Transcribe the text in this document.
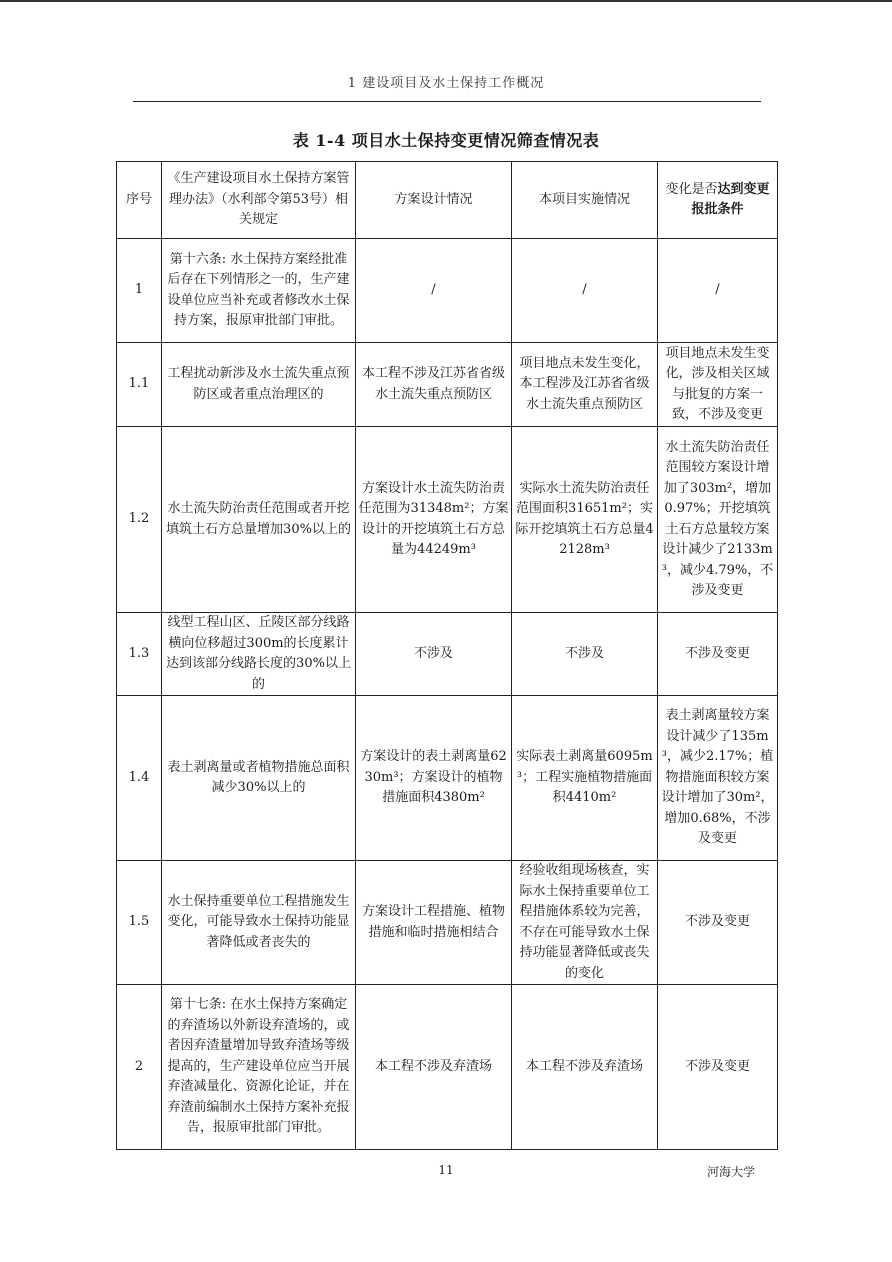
1 建设项目及水土保持工作概况
表 1-4 项目水土保持变更情况筛查情况表
序号	《生产建设项目水土保持方案管理办法》（水利部令第53号）相关规定	方案设计情况	本项目实施情况	变化是否达到变更报批条件
1	第十六条: 水土保持方案经批准后存在下列情形之一的，生产建设单位应当补充或者修改水土保持方案，报原审批部门审批。	/	/	/
1.1	工程扰动新涉及水土流失重点预防区或者重点治理区的	本工程不涉及江苏省省级水土流失重点预防区	项目地点未发生变化，本工程涉及江苏省省级水土流失重点预防区	项目地点未发生变化，涉及相关区域与批复的方案一致，不涉及变更
1.2	水土流失防治责任范围或者开挖填筑土石方总量增加30%以上的	方案设计水土流失防治责任范围为31348m²；方案设计的开挖填筑土石方总量为44249m³	实际水土流失防治责任范围面积31651m²；实际开挖填筑土石方总量42128m³	水土流失防治责任范围较方案设计增加了303m²，增加0.97%；开挖填筑土石方总量较方案设计减少了2133m³，减少4.79%，不涉及变更
1.3	线型工程山区、丘陵区部分线路横向位移超过300m的长度累计达到该部分线路长度的30%以上的	不涉及	不涉及	不涉及变更
1.4	表土剥离量或者植物措施总面积减少30%以上的	方案设计的表土剥离量6230m³；方案设计的植物措施面积4380m²	实际表土剥离量6095m³；工程实施植物措施面积4410m²	表土剥离量较方案设计减少了135m³，减少2.17%；植物措施面积较方案设计增加了30m²，增加0.68%，不涉及变更
1.5	水土保持重要单位工程措施发生变化，可能导致水土保持功能显著降低或者丧失的	方案设计工程措施、植物措施和临时措施相结合	经验收组现场核查，实际水土保持重要单位工程措施体系较为完善，不存在可能导致水土保持功能显著降低或丧失的变化	不涉及变更
2	第十七条: 在水土保持方案确定的弃渣场以外新设弃渣场的，或者因弃渣量增加导致弃渣场等级提高的，生产建设单位应当开展弃渣减量化、资源化论证，并在弃渣前编制水土保持方案补充报告，报原审批部门审批。	本工程不涉及弃渣场	本工程不涉及弃渣场	不涉及变更
11	河海大学
